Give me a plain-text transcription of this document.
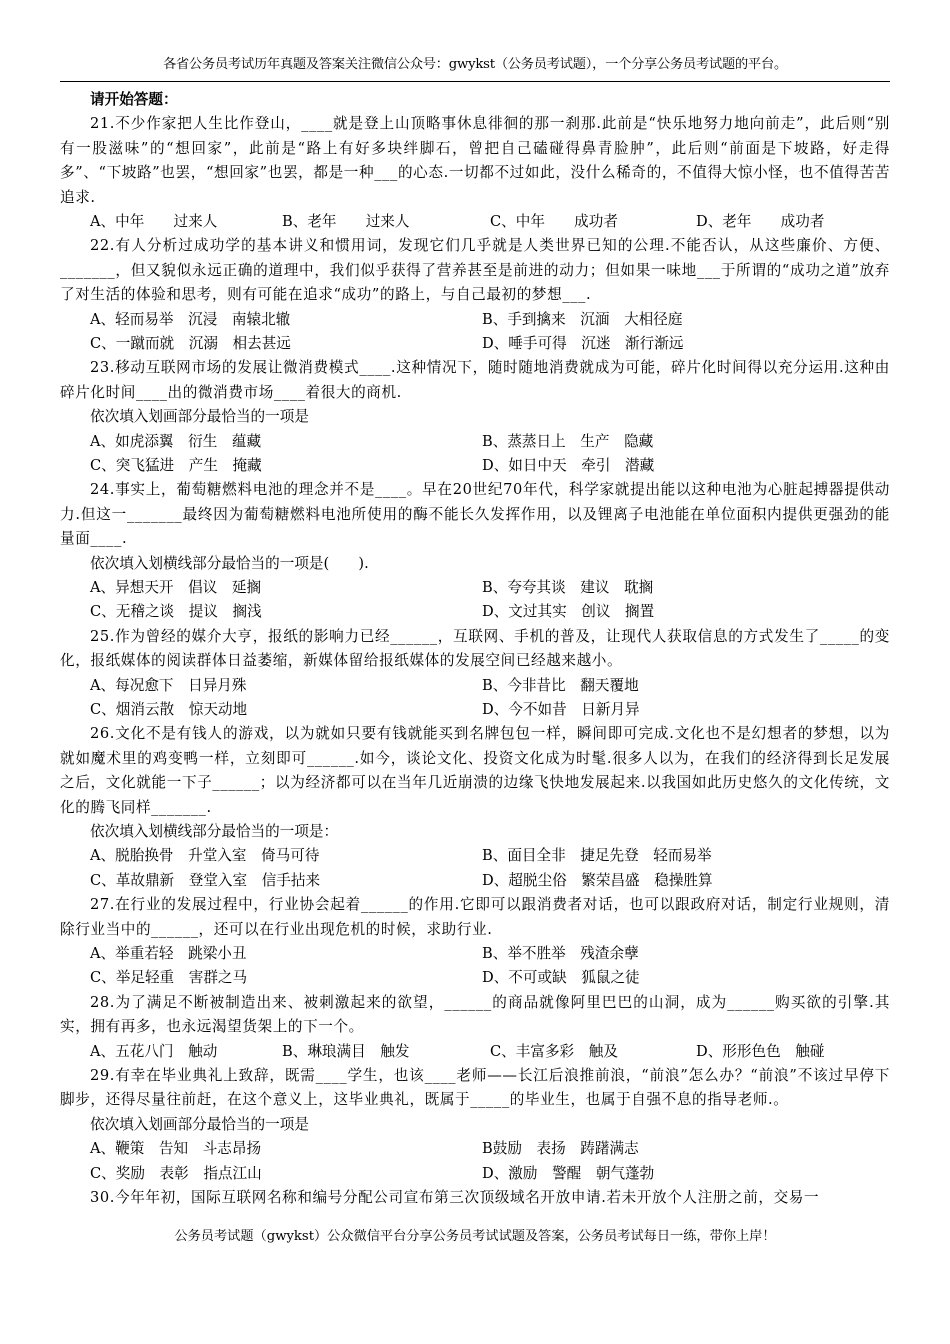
各省公务员考试历年真题及答案关注微信公众号：gwykst（公务员考试题），一个分享公务员考试题的平台。
请开始答题：

21.不少作家把人生比作登山，____就是登上山顶略事休息徘徊的那一刹那.此前是“快乐地努力地向前走”，此后则“别有一股滋味”的“想回家”，此前是“路上有好多块绊脚石，曾把自己磕碰得鼻青脸肿”，此后则“前面是下坡路，好走得多”、“下坡路”也罢，“想回家”也罢，都是一种___的心态.一切都不过如此，没什么稀奇的，不值得大惊小怪，也不值得苦苦追求.

A、中年　　过来人	B、老年　　过来人	C、中年　　成功者	D、老年　　成功者

22.有人分析过成功学的基本讲义和惯用词，发现它们几乎就是人类世界已知的公理.不能否认，从这些廉价、方便、_______，但又貌似永远正确的道理中，我们似乎获得了营养甚至是前进的动力；但如果一味地___于所谓的“成功之道”放弃了对生活的体验和思考，则有可能在追求“成功”的路上，与自己最初的梦想___.

A、轻而易举　沉浸　南辕北辙	B、手到擒来　沉湎　大相径庭
C、一蹴而就　沉溺　相去甚远	D、唾手可得　沉迷　渐行渐远

23.移动互联网市场的发展让微消费模式____.这种情况下，随时随地消费就成为可能，碎片化时间得以充分运用.这种由碎片化时间____出的微消费市场____着很大的商机.

依次填入划画部分最恰当的一项是

A、如虎添翼　衍生　蕴藏	B、蒸蒸日上　生产　隐藏
C、突飞猛进　产生　掩藏	D、如日中天　牵引　潜藏

24.事实上，葡萄糖燃料电池的理念并不是____。早在20世纪70年代，科学家就提出能以这种电池为心脏起搏器提供动力.但这一_______最终因为葡萄糖燃料电池所使用的酶不能长久发挥作用，以及锂离子电池能在单位面积内提供更强劲的能量面____.

依次填入划横线部分最恰当的一项是(　　).

A、异想天开　倡议　延搁	B、夸夸其谈　建议　耽搁
C、无稽之谈　提议　搁浅	D、文过其实　创议　搁置

25.作为曾经的媒介大亨，报纸的影响力已经______，互联网、手机的普及，让现代人获取信息的方式发生了_____的变化，报纸媒体的阅读群体日益萎缩，新媒体留给报纸媒体的发展空间已经越来越小。

A、每况愈下　日异月殊	B、今非昔比　翻天覆地
C、烟消云散　惊天动地	D、今不如昔　日新月异

26.文化不是有钱人的游戏，以为就如只要有钱就能买到名牌包包一样，瞬间即可完成.文化也不是幻想者的梦想，以为就如魔术里的鸡变鸭一样，立刻即可______.如今，谈论文化、投资文化成为时髦.很多人以为，在我们的经济得到长足发展之后，文化就能一下子______；以为经济都可以在当年几近崩溃的边缘飞快地发展起来.以我国如此历史悠久的文化传统，文化的腾飞同样_______.

依次填入划横线部分最恰当的一项是：

A、脱胎换骨　升堂入室　倚马可待	B、面目全非　捷足先登　轻而易举
C、革故鼎新　登堂入室　信手拈来	D、超脱尘俗　繁荣昌盛　稳操胜算

27.在行业的发展过程中，行业协会起着______的作用.它即可以跟消费者对话，也可以跟政府对话，制定行业规则，清除行业当中的______，还可以在行业出现危机的时候，求助行业.

A、举重若轻　跳梁小丑	B、举不胜举　残渣余孽
C、举足轻重　害群之马	D、不可或缺　狐鼠之徒

28.为了满足不断被制造出来、被刺激起来的欲望，______的商品就像阿里巴巴的山洞，成为______购买欲的引擎.其实，拥有再多，也永远渴望货架上的下一个。

A、五花八门　触动	B、琳琅满目　触发	C、丰富多彩　触及	D、形形色色　触碰

29.有幸在毕业典礼上致辞，既需____学生，也该____老师——长江后浪推前浪，“前浪”怎么办？“前浪”不该过早停下脚步，还得尽量往前赶，在这个意义上，这毕业典礼，既属于_____的毕业生，也属于自强不息的指导老师.。

依次填入划画部分最恰当的一项是

A、鞭策　告知　斗志昂扬	B鼓励　表扬　踌躇满志
C、奖励　表彰　指点江山	D、激励　警醒　朝气蓬勃

30.今年年初，国际互联网名称和编号分配公司宣布第三次顶级域名开放申请.若未开放个人注册之前，交易一

公务员考试题（gwykst）公众微信平台分享公务员考试试题及答案，公务员考试每日一练，带你上岸！
